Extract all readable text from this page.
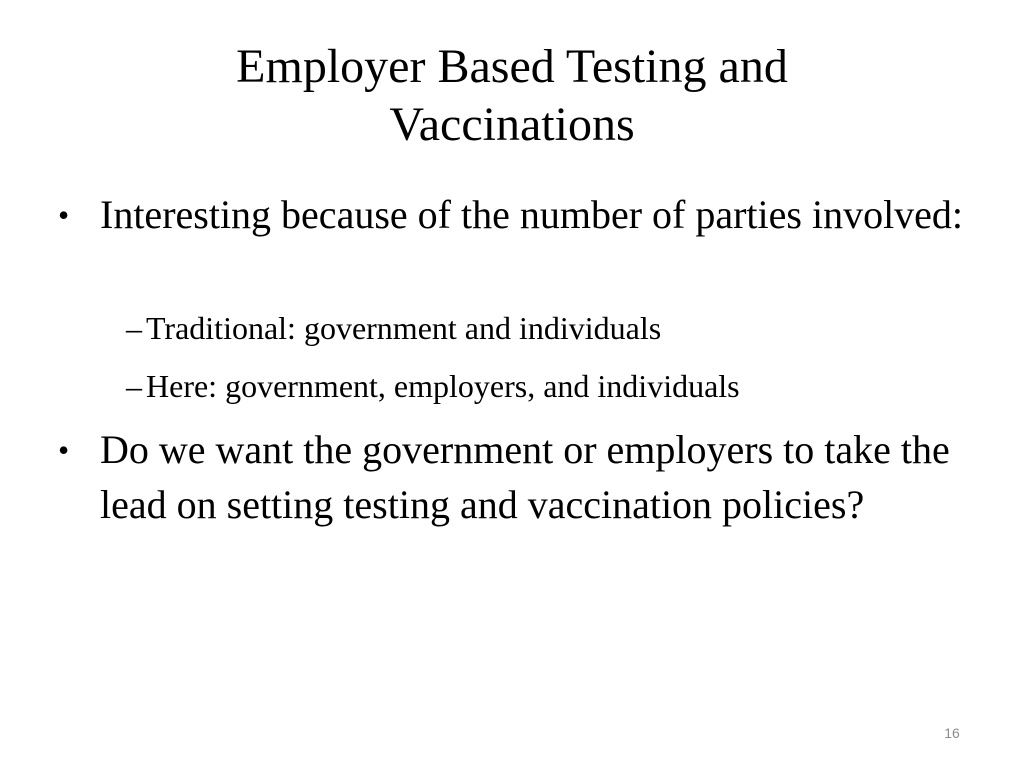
Employer Based Testing and
Vaccinations
• Interesting because of the number of parties involved:
– Traditional: government and individuals
– Here: government, employers, and individuals
• Do we want the government or employers to take the lead on setting testing and vaccination policies?
16
